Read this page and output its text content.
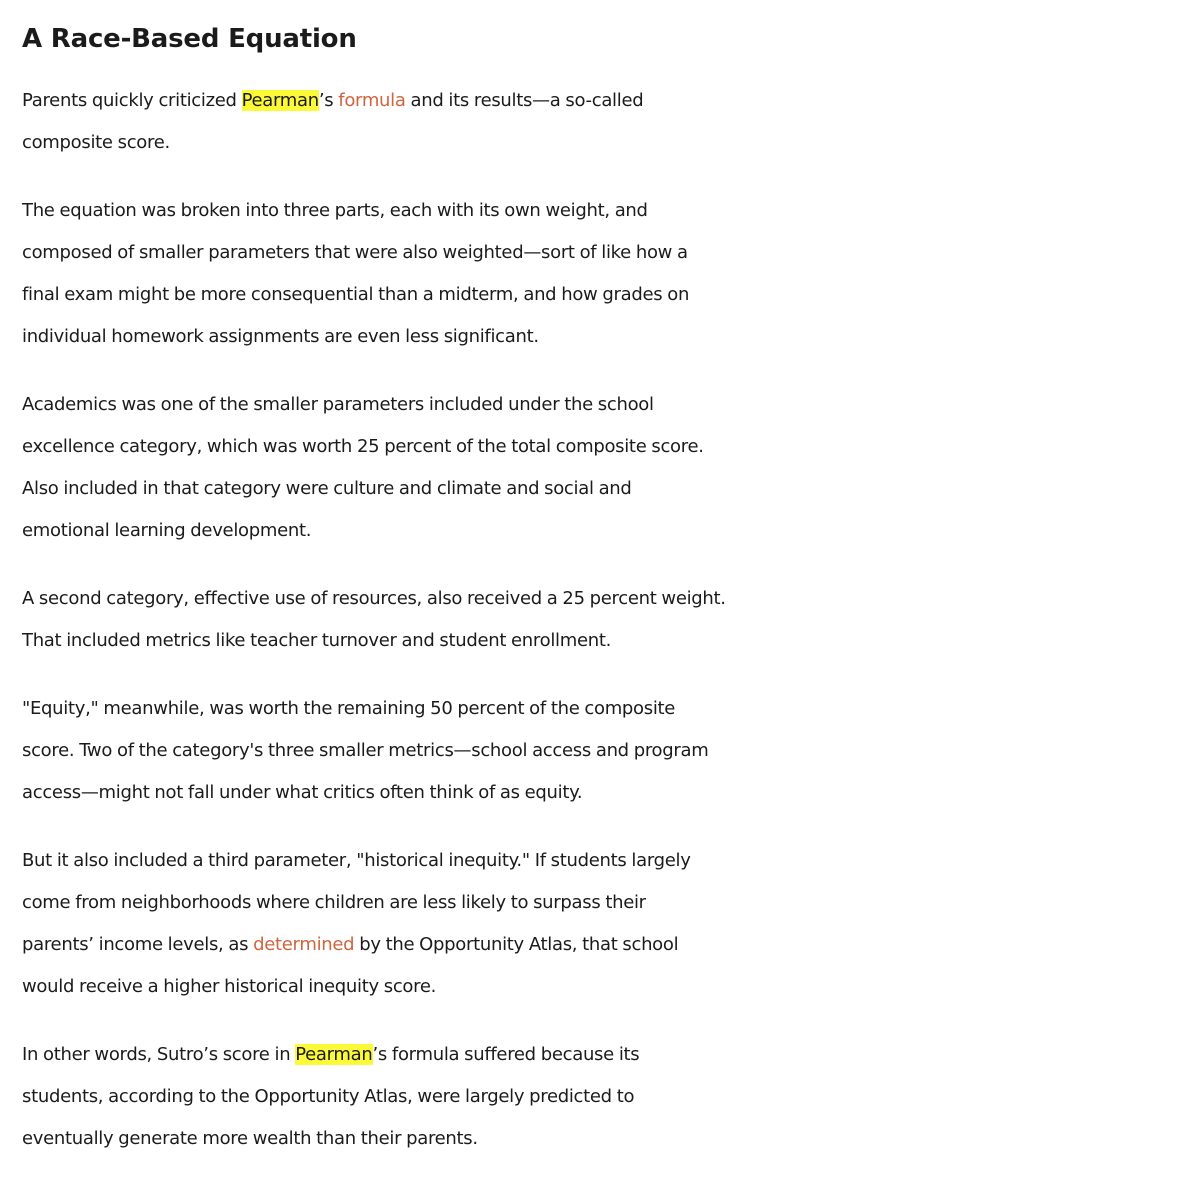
A Race-Based Equation
Parents quickly criticized Pearman’s formula and its results—a so-called
composite score.
The equation was broken into three parts, each with its own weight, and
composed of smaller parameters that were also weighted—sort of like how a
final exam might be more consequential than a midterm, and how grades on
individual homework assignments are even less significant.
Academics was one of the smaller parameters included under the school
excellence category, which was worth 25 percent of the total composite score.
Also included in that category were culture and climate and social and
emotional learning development.
A second category, effective use of resources, also received a 25 percent weight.
That included metrics like teacher turnover and student enrollment.
"Equity," meanwhile, was worth the remaining 50 percent of the composite
score. Two of the category's three smaller metrics—school access and program
access—might not fall under what critics often think of as equity.
But it also included a third parameter, "historical inequity." If students largely
come from neighborhoods where children are less likely to surpass their
parents’ income levels, as determined by the Opportunity Atlas, that school
would receive a higher historical inequity score.
In other words, Sutro’s score in Pearman’s formula suffered because its
students, according to the Opportunity Atlas, were largely predicted to
eventually generate more wealth than their parents.
